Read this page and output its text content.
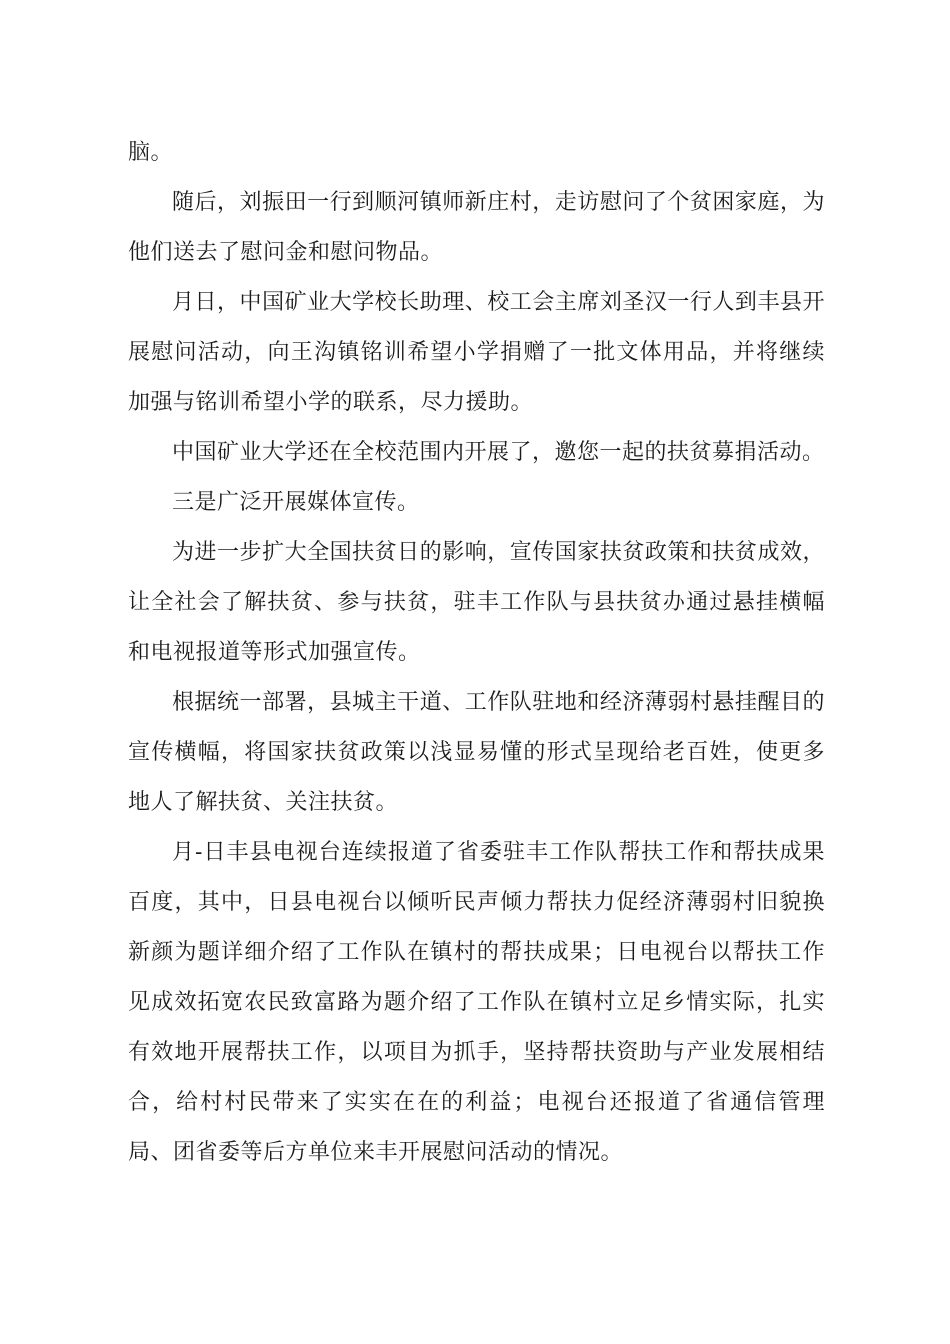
脑。

随后，刘振田一行到顺河镇师新庄村，走访慰问了个贫困家庭，为他们送去了慰问金和慰问物品。

月日，中国矿业大学校长助理、校工会主席刘圣汉一行人到丰县开展慰问活动，向王沟镇铭训希望小学捐赠了一批文体用品，并将继续加强与铭训希望小学的联系，尽力援助。

中国矿业大学还在全校范围内开展了，邀您一起的扶贫募捐活动。

三是广泛开展媒体宣传。

为进一步扩大全国扶贫日的影响，宣传国家扶贫政策和扶贫成效，让全社会了解扶贫、参与扶贫，驻丰工作队与县扶贫办通过悬挂横幅和电视报道等形式加强宣传。

根据统一部署，县城主干道、工作队驻地和经济薄弱村悬挂醒目的宣传横幅，将国家扶贫政策以浅显易懂的形式呈现给老百姓，使更多地人了解扶贫、关注扶贫。

月-日丰县电视台连续报道了省委驻丰工作队帮扶工作和帮扶成果百度，其中，日县电视台以倾听民声倾力帮扶力促经济薄弱村旧貌换新颜为题详细介绍了工作队在镇村的帮扶成果；日电视台以帮扶工作见成效拓宽农民致富路为题介绍了工作队在镇村立足乡情实际，扎实有效地开展帮扶工作，以项目为抓手，坚持帮扶资助与产业发展相结合，给村村民带来了实实在在的利益；电视台还报道了省通信管理局、团省委等后方单位来丰开展慰问活动的情况。
